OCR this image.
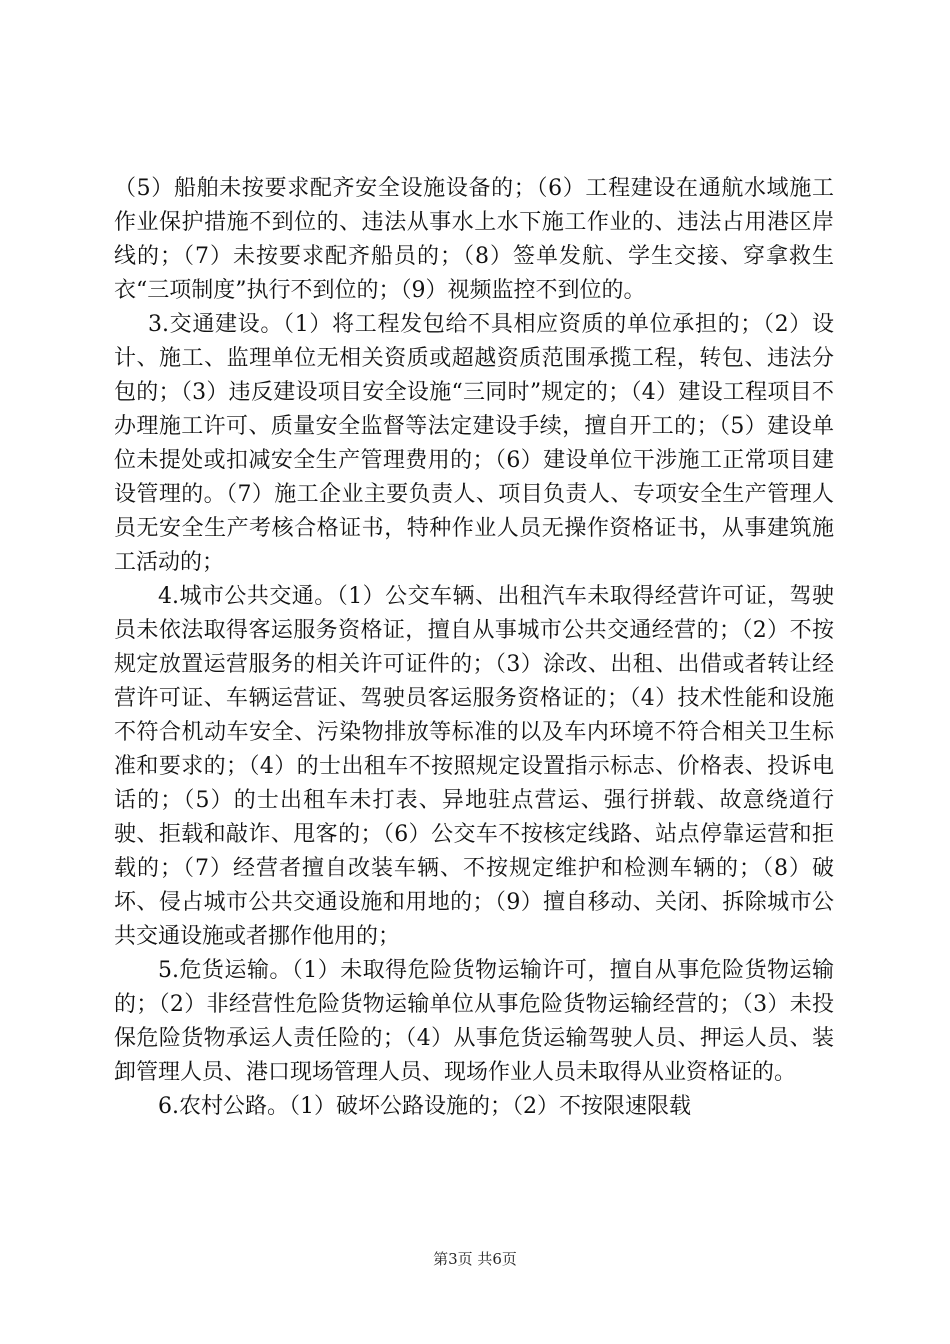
（5）船舶未按要求配齐安全设施设备的；（6）工程建设在通航水域施工作业保护措施不到位的、违法从事水上水下施工作业的、违法占用港区岸线的；（7）未按要求配齐船员的；（8）签单发航、学生交接、穿拿救生衣“三项制度”执行不到位的；（9）视频监控不到位的。

3.交通建设。（1）将工程发包给不具相应资质的单位承担的；（2）设计、施工、监理单位无相关资质或超越资质范围承揽工程，转包、违法分包的；（3）违反建设项目安全设施“三同时”规定的；（4）建设工程项目不办理施工许可、质量安全监督等法定建设手续，擅自开工的；（5）建设单位未提处或扣减安全生产管理费用的；（6）建设单位干涉施工正常项目建设管理的。（7）施工企业主要负责人、项目负责人、专项安全生产管理人员无安全生产考核合格证书，特种作业人员无操作资格证书，从事建筑施工活动的；

4.城市公共交通。（1）公交车辆、出租汽车未取得经营许可证，驾驶员未依法取得客运服务资格证，擅自从事城市公共交通经营的；（2）不按规定放置运营服务的相关许可证件的；（3）涂改、出租、出借或者转让经营许可证、车辆运营证、驾驶员客运服务资格证的；（4）技术性能和设施不符合机动车安全、污染物排放等标准的以及车内环境不符合相关卫生标准和要求的；（4）的士出租车不按照规定设置指示标志、价格表、投诉电话的；（5）的士出租车未打表、异地驻点营运、强行拼载、故意绕道行驶、拒载和敲诈、甩客的；（6）公交车不按核定线路、站点停靠运营和拒载的；（7）经营者擅自改装车辆、不按规定维护和检测车辆的；（8）破坏、侵占城市公共交通设施和用地的；（9）擅自移动、关闭、拆除城市公共交通设施或者挪作他用的；

5.危货运输。（1）未取得危险货物运输许可，擅自从事危险货物运输的；（2）非经营性危险货物运输单位从事危险货物运输经营的；（3）未投保危险货物承运人责任险的；（4）从事危货运输驾驶人员、押运人员、装卸管理人员、港口现场管理人员、现场作业人员未取得从业资格证的。

6.农村公路。（1）破坏公路设施的；（2）不按限速限载

第3页 共6页
